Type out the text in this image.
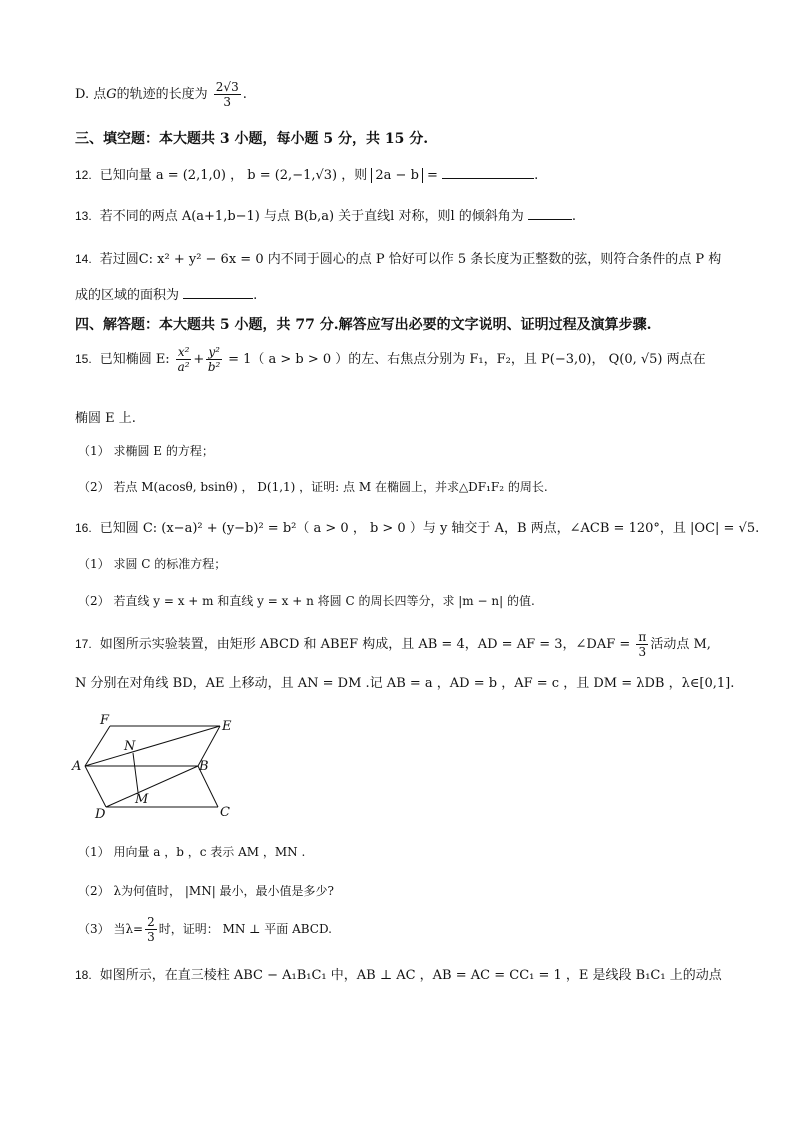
D. 点G的轨迹的长度为 $\frac{2√3}{3}$ .
三、填空题：本大题共 3 小题，每小题 5 分，共 15 分.
12. 已知向量 a = (2,1,0) ， b = (2,−1,√3) ，则 2a − b =	.
13. 若不同的两点 A(a+1,b−1) 与点 B(b,a) 关于直线l 对称，则l 的倾斜角为	.
14. 若过圆C: x² + y² − 6x = 0 内不同于圆心的点 P 恰好可以作 5 条长度为正整数的弦，则符合条件的点 P 构
成的区域的面积为	.
四、解答题：本大题共 5 小题，共 77 分.解答应写出必要的文字说明、证明过程及演算步骤.
15. 已知椭圆 E: $\frac{\text{x²}}{\text{a²}} + \frac{\text{y²}}{\text{b²}} = 1$（ a > b > 0 ）的左、右焦点分别为 F₁，F₂，且 P(−3,0)， Q(0, √5) 两点在
椭圆 E 上.
（1） 求椭圆 E 的方程；
（2） 若点 M(acosθ, bsinθ) ， D(1,1) ，证明: 点 M 在椭圆上，并求△DF₁F₂ 的周长.
16. 已知圆 C: (x−a)² + (y−b)² = b²（ a > 0 ， b > 0 ）与 y 轴交于 A，B 两点，∠ACB = 120°，且 |OC| = √5.
（1） 求圆 C 的标准方程；
（2） 若直线 y = x + m 和直线 y = x + n 将圆 C 的周长四等分，求 |m − n| 的值.
17. 如图所示实验装置，由矩形 ABCD 和 ABEF 构成，且 AB = 4，AD = AF = 3，∠DAF = $\frac{\pi}{3}$ 活动点 M,
N 分别在对角线 BD，AE 上移动，且 AN = DM .记 AB = a ，AD = b ，AF = c ，且 DM = λDB ，λ∈[0,1].
F	E
N
A	B
M
D	C
（1） 用向量 a ，b ，c 表示 AM ，MN .
（2） λ为何值时， |MN| 最小，最小值是多少?
（3） 当$\lambda= \frac{2}{3}$ 时，证明： MN ⊥ 平面 ABCD.
18. 如图所示，在直三棱柱 ABC − A₁B₁C₁ 中，AB ⊥ AC ，AB = AC = CC₁ = 1 ，E 是线段 B₁C₁ 上的动点
